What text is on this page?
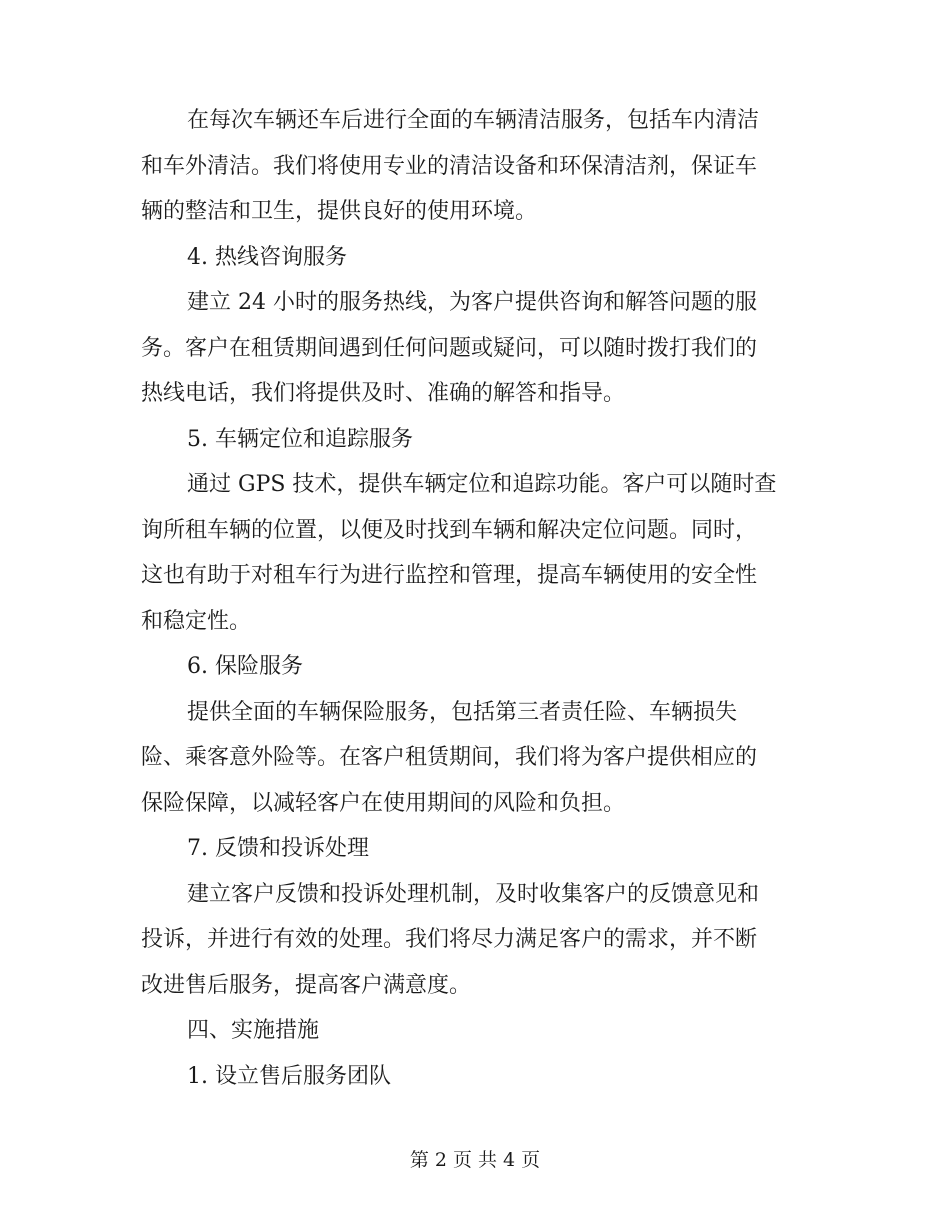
在每次车辆还车后进行全面的车辆清洁服务，包括车内清洁
和车外清洁。我们将使用专业的清洁设备和环保清洁剂，保证车
辆的整洁和卫生，提供良好的使用环境。
4. 热线咨询服务
建立 24 小时的服务热线，为客户提供咨询和解答问题的服
务。客户在租赁期间遇到任何问题或疑问，可以随时拨打我们的
热线电话，我们将提供及时、准确的解答和指导。
5. 车辆定位和追踪服务
通过 GPS 技术，提供车辆定位和追踪功能。客户可以随时查
询所租车辆的位置，以便及时找到车辆和解决定位问题。同时，
这也有助于对租车行为进行监控和管理，提高车辆使用的安全性
和稳定性。
6. 保险服务
提供全面的车辆保险服务，包括第三者责任险、车辆损失
险、乘客意外险等。在客户租赁期间，我们将为客户提供相应的
保险保障，以减轻客户在使用期间的风险和负担。
7. 反馈和投诉处理
建立客户反馈和投诉处理机制，及时收集客户的反馈意见和
投诉，并进行有效的处理。我们将尽力满足客户的需求，并不断
改进售后服务，提高客户满意度。
四、实施措施
1. 设立售后服务团队
第 2 页 共 4 页
